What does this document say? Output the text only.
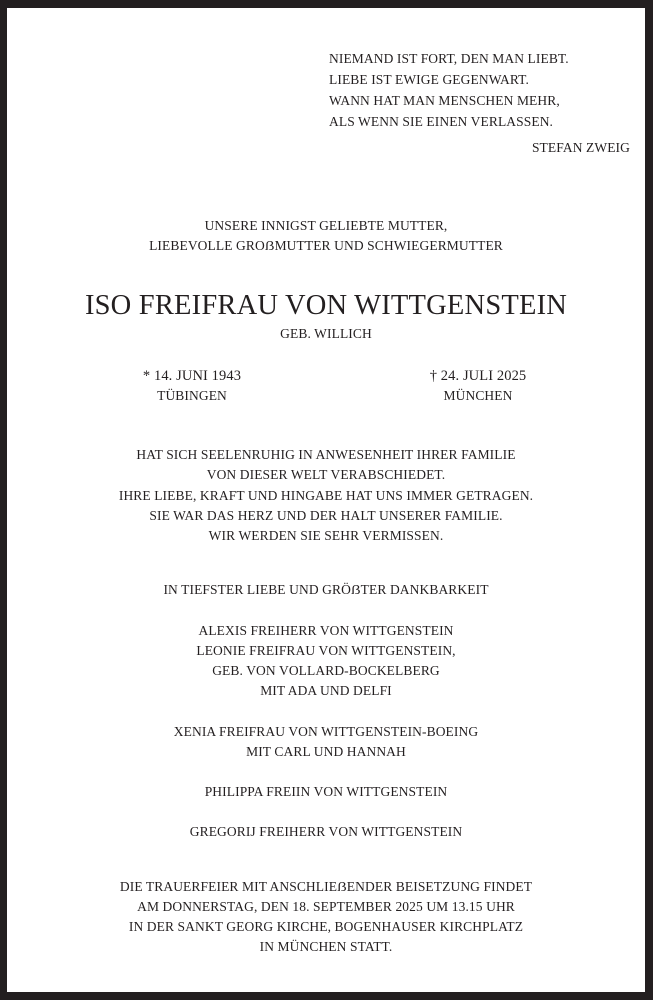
NIEMAND IST FORT, DEN MAN LIEBT.
LIEBE IST EWIGE GEGENWART.
WANN HAT MAN MENSCHEN MEHR,
ALS WENN SIE EINEN VERLASSEN.
STEFAN ZWEIG
UNSERE INNIGST GELIEBTE MUTTER,
LIEBEVOLLE GROẞMUTTER UND SCHWIEGERMUTTER
ISO FREIFRAU VON WITTGENSTEIN
GEB. WILLICH
* 14. JUNI 1943
TÜBINGEN
† 24. JULI 2025
MÜNCHEN
HAT SICH SEELENRUHIG IN ANWESENHEIT IHRER FAMILIE
VON DIESER WELT VERABSCHIEDET.
IHRE LIEBE, KRAFT UND HINGABE HAT UNS IMMER GETRAGEN.
SIE WAR DAS HERZ UND DER HALT UNSERER FAMILIE.
WIR WERDEN SIE SEHR VERMISSEN.
IN TIEFSTER LIEBE UND GRÖẞTER DANKBARKEIT
ALEXIS FREIHERR VON WITTGENSTEIN
LEONIE FREIFRAU VON WITTGENSTEIN,
GEB. VON VOLLARD-BOCKELBERG
MIT ADA UND DELFI
XENIA FREIFRAU VON WITTGENSTEIN-BOEING
MIT CARL UND HANNAH
PHILIPPA FREIIN VON WITTGENSTEIN
GREGORIJ FREIHERR VON WITTGENSTEIN
DIE TRAUERFEIER MIT ANSCHLIEẞENDER BEISETZUNG FINDET
AM DONNERSTAG, DEN 18. SEPTEMBER 2025 UM 13.15 UHR
IN DER SANKT GEORG KIRCHE, BOGENHAUSER KIRCHPLATZ
IN MÜNCHEN STATT.
